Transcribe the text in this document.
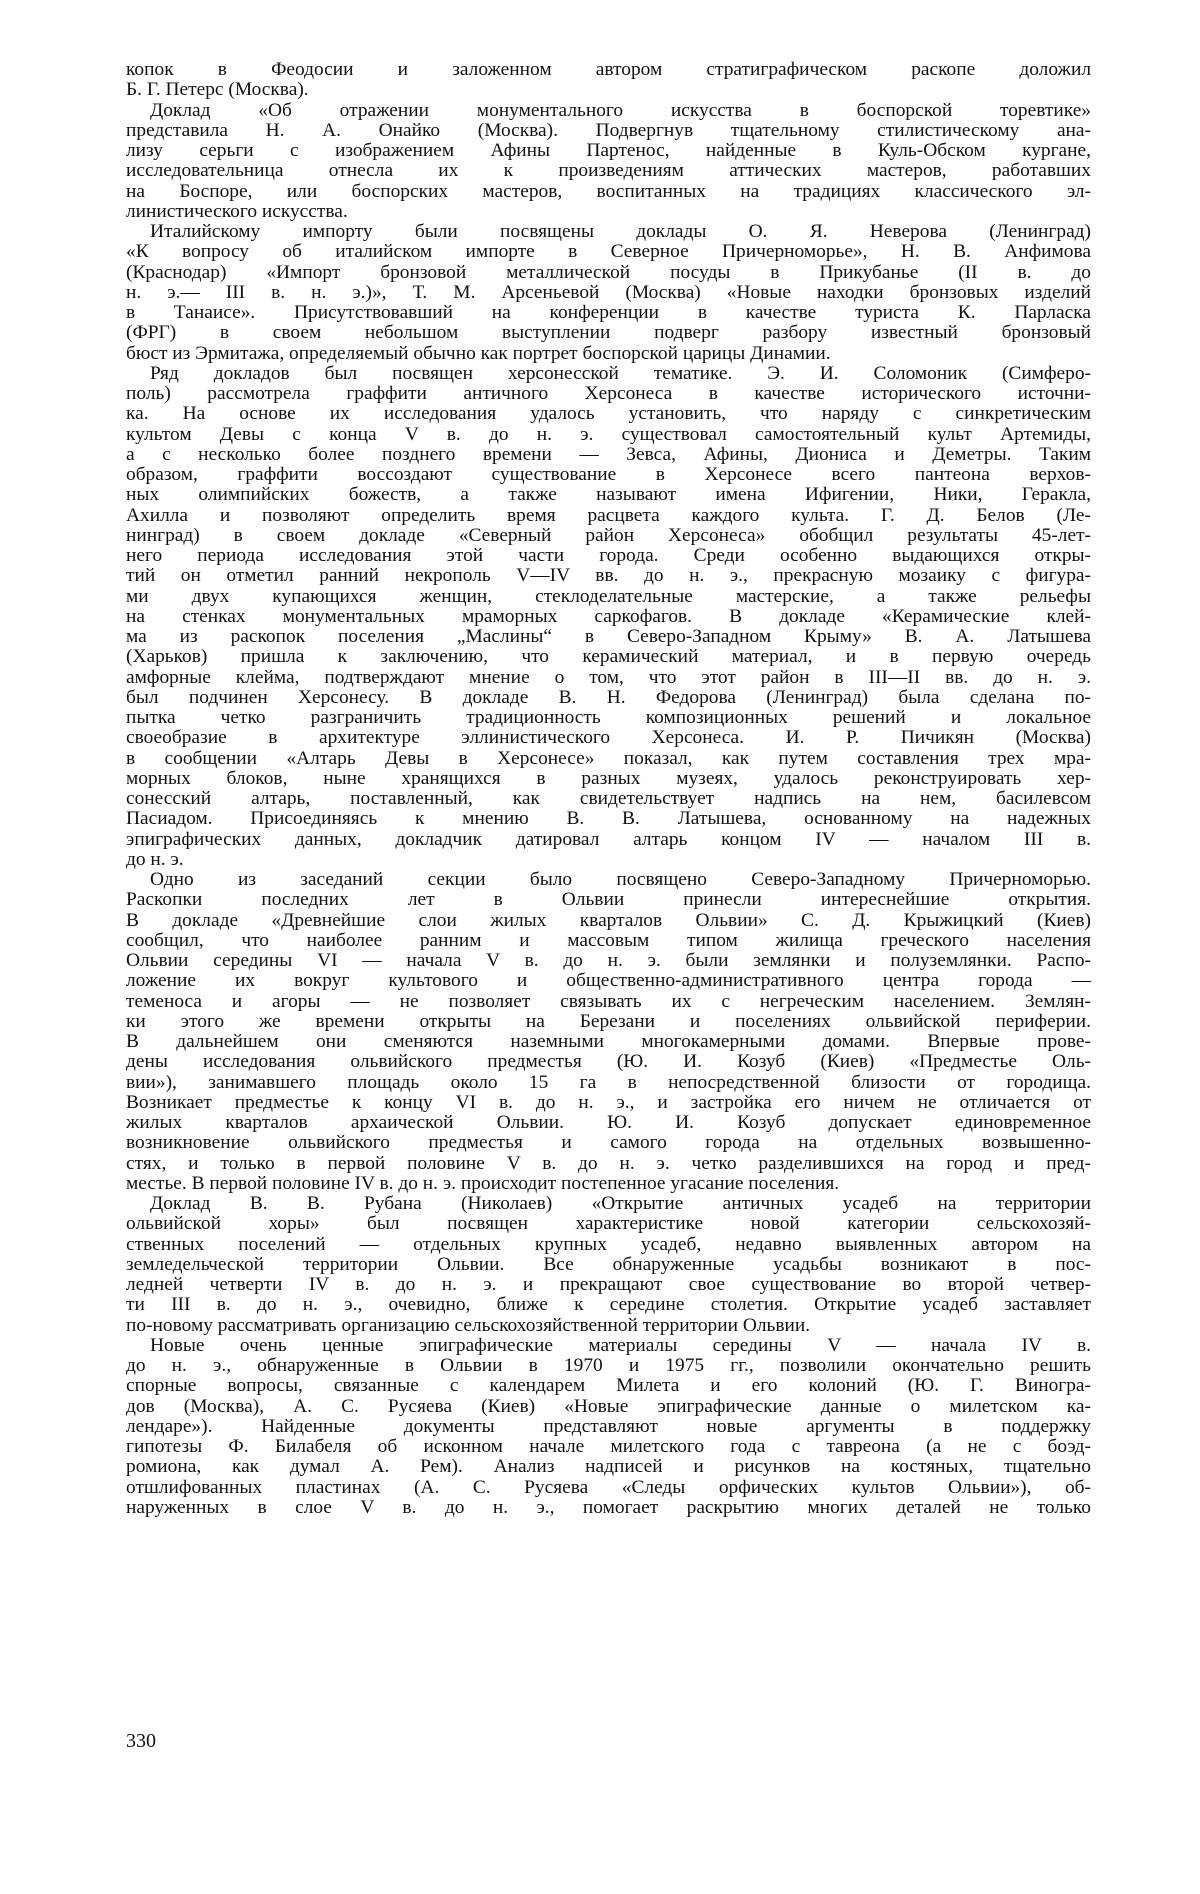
копок в Феодосии и заложенном автором стратиграфическом раскопе доложил

Б. Г. Петерс (Москва).

Доклад «Об отражении монументального искусства в боспорской торевтике»

представила Н. А. Онайко (Москва). Подвергнув тщательному стилистическому ана-

лизу серьги с изображением Афины Партенос, найденные в Куль-Обском кургане,

исследовательница отнесла их к произведениям аттических мастеров, работавших

на Боспоре, или боспорских мастеров, воспитанных на традициях классического эл-

линистического искусства.

Италийскому импорту были посвящены доклады О. Я. Неверова (Ленинград)

«К вопросу об италийском импорте в Северное Причерноморье», Н. В. Анфимова

(Краснодар) «Импорт бронзовой металлической посуды в Прикубанье (II в. до

н. э.— III в. н. э.)», Т. М. Арсеньевой (Москва) «Новые находки бронзовых изделий

в Танаисе». Присутствовавший на конференции в качестве туриста К. Парласка

(ФРГ) в своем небольшом выступлении подверг разбору известный бронзовый

бюст из Эрмитажа, определяемый обычно как портрет боспорской царицы Динамии.

Ряд докладов был посвящен херсонесской тематике. Э. И. Соломоник (Симферо-

поль) рассмотрела граффити античного Херсонеса в качестве исторического источни-

ка. На основе их исследования удалось установить, что наряду с синкретическим

культом Девы с конца V в. до н. э. существовал самостоятельный культ Артемиды,

а с несколько более позднего времени — Зевса, Афины, Диониса и Деметры. Таким

образом, граффити воссоздают существование в Херсонесе всего пантеона верхов-

ных олимпийских божеств, а также называют имена Ифигении, Ники, Геракла,

Ахилла и позволяют определить время расцвета каждого культа. Г. Д. Белов (Ле-

нинград) в своем докладе «Северный район Херсонеса» обобщил результаты 45-лет-

него периода исследования этой части города. Среди особенно выдающихся откры-

тий он отметил ранний некрополь V—IV вв. до н. э., прекрасную мозаику с фигура-

ми двух купающихся женщин, стеклоделательные мастерские, а также рельефы

на стенках монументальных мраморных саркофагов. В докладе «Керамические клей-

ма из раскопок поселения „Маслины“ в Северо-Западном Крыму» В. А. Латышева

(Харьков) пришла к заключению, что керамический материал, и в первую очередь

амфорные клейма, подтверждают мнение о том, что этот район в III—II вв. до н. э.

был подчинен Херсонесу. В докладе В. Н. Федорова (Ленинград) была сделана по-

пытка четко разграничить традиционность композиционных решений и локальное

своеобразие в архитектуре эллинистического Херсонеса. И. Р. Пичикян (Москва)

в сообщении «Алтарь Девы в Херсонесе» показал, как путем составления трех мра-

морных блоков, ныне хранящихся в разных музеях, удалось реконструировать хер-

сонесский алтарь, поставленный, как свидетельствует надпись на нем, басилевсом

Пасиадом. Присоединяясь к мнению В. В. Латышева, основанному на надежных

эпиграфических данных, докладчик датировал алтарь концом IV — началом III в.

до н. э.

Одно из заседаний секции было посвящено Северо-Западному Причерноморью.

Раскопки последних лет в Ольвии принесли интереснейшие открытия.

В докладе «Древнейшие слои жилых кварталов Ольвии» С. Д. Крыжицкий (Киев)

сообщил, что наиболее ранним и массовым типом жилища греческого населения

Ольвии середины VI — начала V в. до н. э. были землянки и полуземлянки. Распо-

ложение их вокруг культового и общественно-административного центра города —

теменоса и агоры — не позволяет связывать их с негреческим населением. Землян-

ки этого же времени открыты на Березани и поселениях ольвийской периферии.

В дальнейшем они сменяются наземными многокамерными домами. Впервые прове-

дены исследования ольвийского предместья (Ю. И. Козуб (Киев) «Предместье Оль-

вии»), занимавшего площадь около 15 га в непосредственной близости от городища.

Возникает предместье к концу VI в. до н. э., и застройка его ничем не отличается от

жилых кварталов архаической Ольвии. Ю. И. Козуб допускает единовременное

возникновение ольвийского предместья и самого города на отдельных возвышенно-

стях, и только в первой половине V в. до н. э. четко разделившихся на город и пред-

местье. В первой половине IV в. до н. э. происходит постепенное угасание поселения.

Доклад В. В. Рубана (Николаев) «Открытие античных усадеб на территории

ольвийской хоры» был посвящен характеристике новой категории сельскохозяй-

ственных поселений — отдельных крупных усадеб, недавно выявленных автором на

земледельческой территории Ольвии. Все обнаруженные усадьбы возникают в пос-

ледней четверти IV в. до н. э. и прекращают свое существование во второй четвер-

ти III в. до н. э., очевидно, ближе к середине столетия. Открытие усадеб заставляет

по-новому рассматривать организацию сельскохозяйственной территории Ольвии.

Новые очень ценные эпиграфические материалы середины V — начала IV в.

до н. э., обнаруженные в Ольвии в 1970 и 1975 гг., позволили окончательно решить

спорные вопросы, связанные с календарем Милета и его колоний (Ю. Г. Виногра-

дов (Москва), А. С. Русяева (Киев) «Новые эпиграфические данные о милетском ка-

лендаре»). Найденные документы представляют новые аргументы в поддержку

гипотезы Ф. Билабеля об исконном начале милетского года с тавреона (а не с боэд-

ромиона, как думал А. Рем). Анализ надписей и рисунков на костяных, тщательно

отшлифованных пластинах (А. С. Русяева «Следы орфических культов Ольвии»), об-

наруженных в слое V в. до н. э., помогает раскрытию многих деталей не только

330
